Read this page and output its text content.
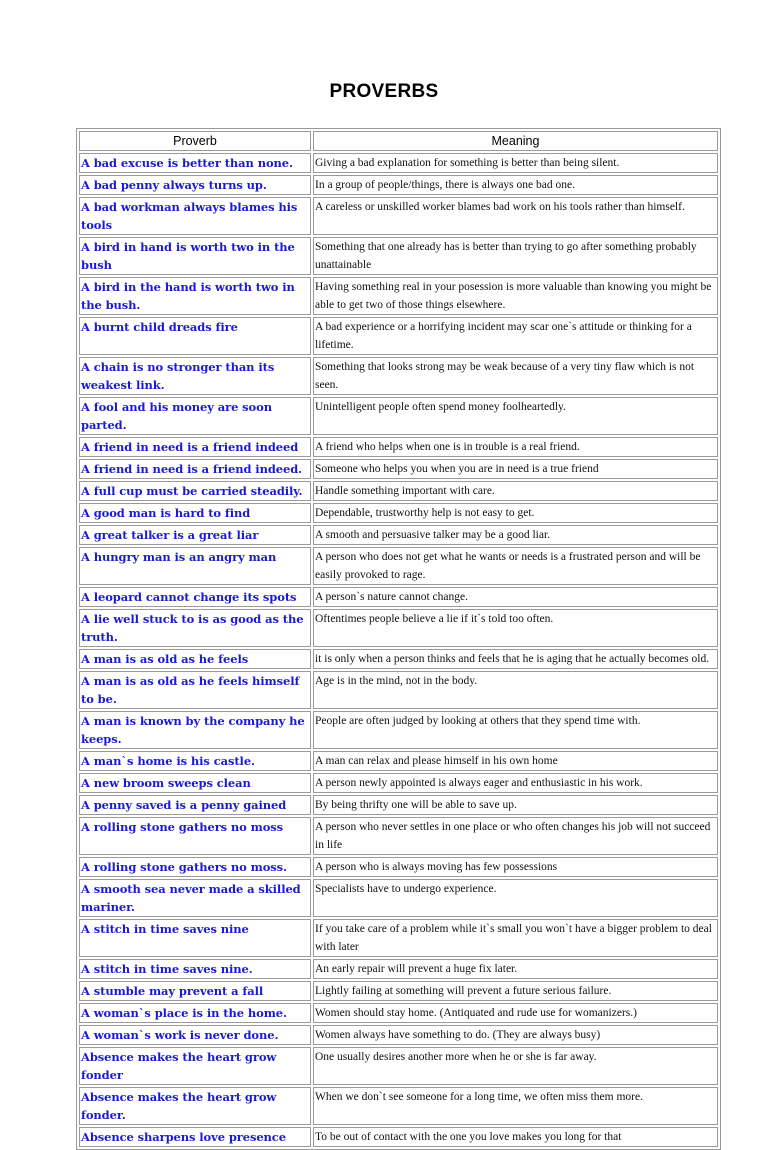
PROVERBS
Proverb	Meaning
A bad excuse is better than none.	Giving a bad explanation for something is better than being silent.
A bad penny always turns up.	In a group of people/things, there is always one bad one.
A bad workman always blames his tools	A careless or unskilled worker blames bad work on his tools rather than himself.
A bird in hand is worth two in the bush	Something that one already has is better than trying to go after something probably unattainable
A bird in the hand is worth two in the bush.	Having something real in your posession is more valuable than knowing you might be able to get two of those things elsewhere.
A burnt child dreads fire	A bad experience or a horrifying incident may scar one`s attitude or thinking for a lifetime.
A chain is no stronger than its weakest link.	Something that looks strong may be weak because of a very tiny flaw which is not seen.
A fool and his money are soon parted.	Unintelligent people often spend money foolheartedly.
A friend in need is a friend indeed	A friend who helps when one is in trouble is a real friend.
A friend in need is a friend indeed.	Someone who helps you when you are in need is a true friend
A full cup must be carried steadily.	Handle something important with care.
A good man is hard to find	Dependable, trustworthy help is not easy to get.
A great talker is a great liar	A smooth and persuasive talker may be a good liar.
A hungry man is an angry man	A person who does not get what he wants or needs is a frustrated person and will be easily provoked to rage.
A leopard cannot change its spots	A person`s nature cannot change.
A lie well stuck to is as good as the truth.	Oftentimes people believe a lie if it`s told too often.
A man is as old as he feels	it is only when a person thinks and feels that he is aging that he actually becomes old.
A man is as old as he feels himself to be.	Age is in the mind, not in the body.
A man is known by the company he keeps.	People are often judged by looking at others that they spend time with.
A man`s home is his castle.	A man can relax and please himself in his own home
A new broom sweeps clean	A person newly appointed is always eager and enthusiastic in his work.
A penny saved is a penny gained	By being thrifty one will be able to save up.
A rolling stone gathers no moss	A person who never settles in one place or who often changes his job will not succeed in life
A rolling stone gathers no moss.	A person who is always moving has few possessions
A smooth sea never made a skilled mariner.	Specialists have to undergo experience.
A stitch in time saves nine	If you take care of a problem while it`s small you won`t have a bigger problem to deal with later
A stitch in time saves nine.	An early repair will prevent a huge fix later.
A stumble may prevent a fall	Lightly failing at something will prevent a future serious failure.
A woman`s place is in the home.	Women should stay home. (Antiquated and rude use for womanizers.)
A woman`s work is never done.	Women always have something to do. (They are always busy)
Absence makes the heart grow fonder	One usually desires another more when he or she is far away.
Absence makes the heart grow fonder.	When we don`t see someone for a long time, we often miss them more.
Absence sharpens love presence	To be out of contact with the one you love makes you long for that
